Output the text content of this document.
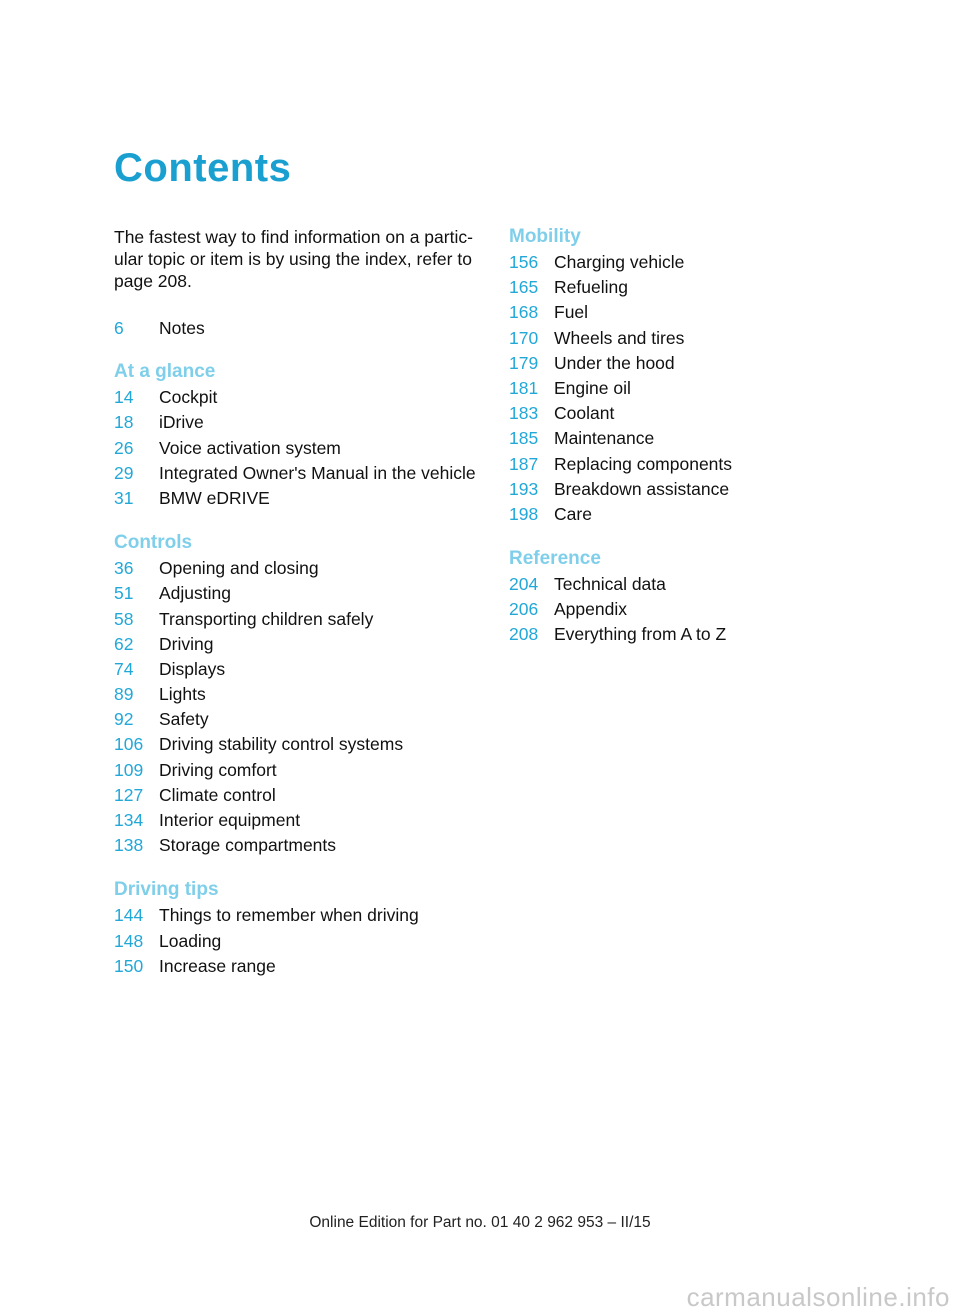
Contents

The fastest way to find information on a partic-
ular topic or item is by using the index, refer to
page 208.

6	Notes
At a glance
14	Cockpit
18	iDrive
26	Voice activation system
29	Integrated Owner's Manual in the vehicle
31	BMW eDRIVE
Controls
36	Opening and closing
51	Adjusting
58	Transporting children safely
62	Driving
74	Displays
89	Lights
92	Safety
106 Driving stability control systems
109 Driving comfort
127 Climate control
134 Interior equipment
138 Storage compartments
Driving tips
144 Things to remember when driving
148 Loading
150 Increase range
Mobility
156 Charging vehicle
165 Refueling
168 Fuel
170 Wheels and tires
179 Under the hood
181 Engine oil
183 Coolant
185 Maintenance
187 Replacing components
193 Breakdown assistance
198 Care
Reference
204 Technical data
206 Appendix
208 Everything from A to Z

Online Edition for Part no. 01 40 2 962 953 – II/15

carmanualsonline.info
